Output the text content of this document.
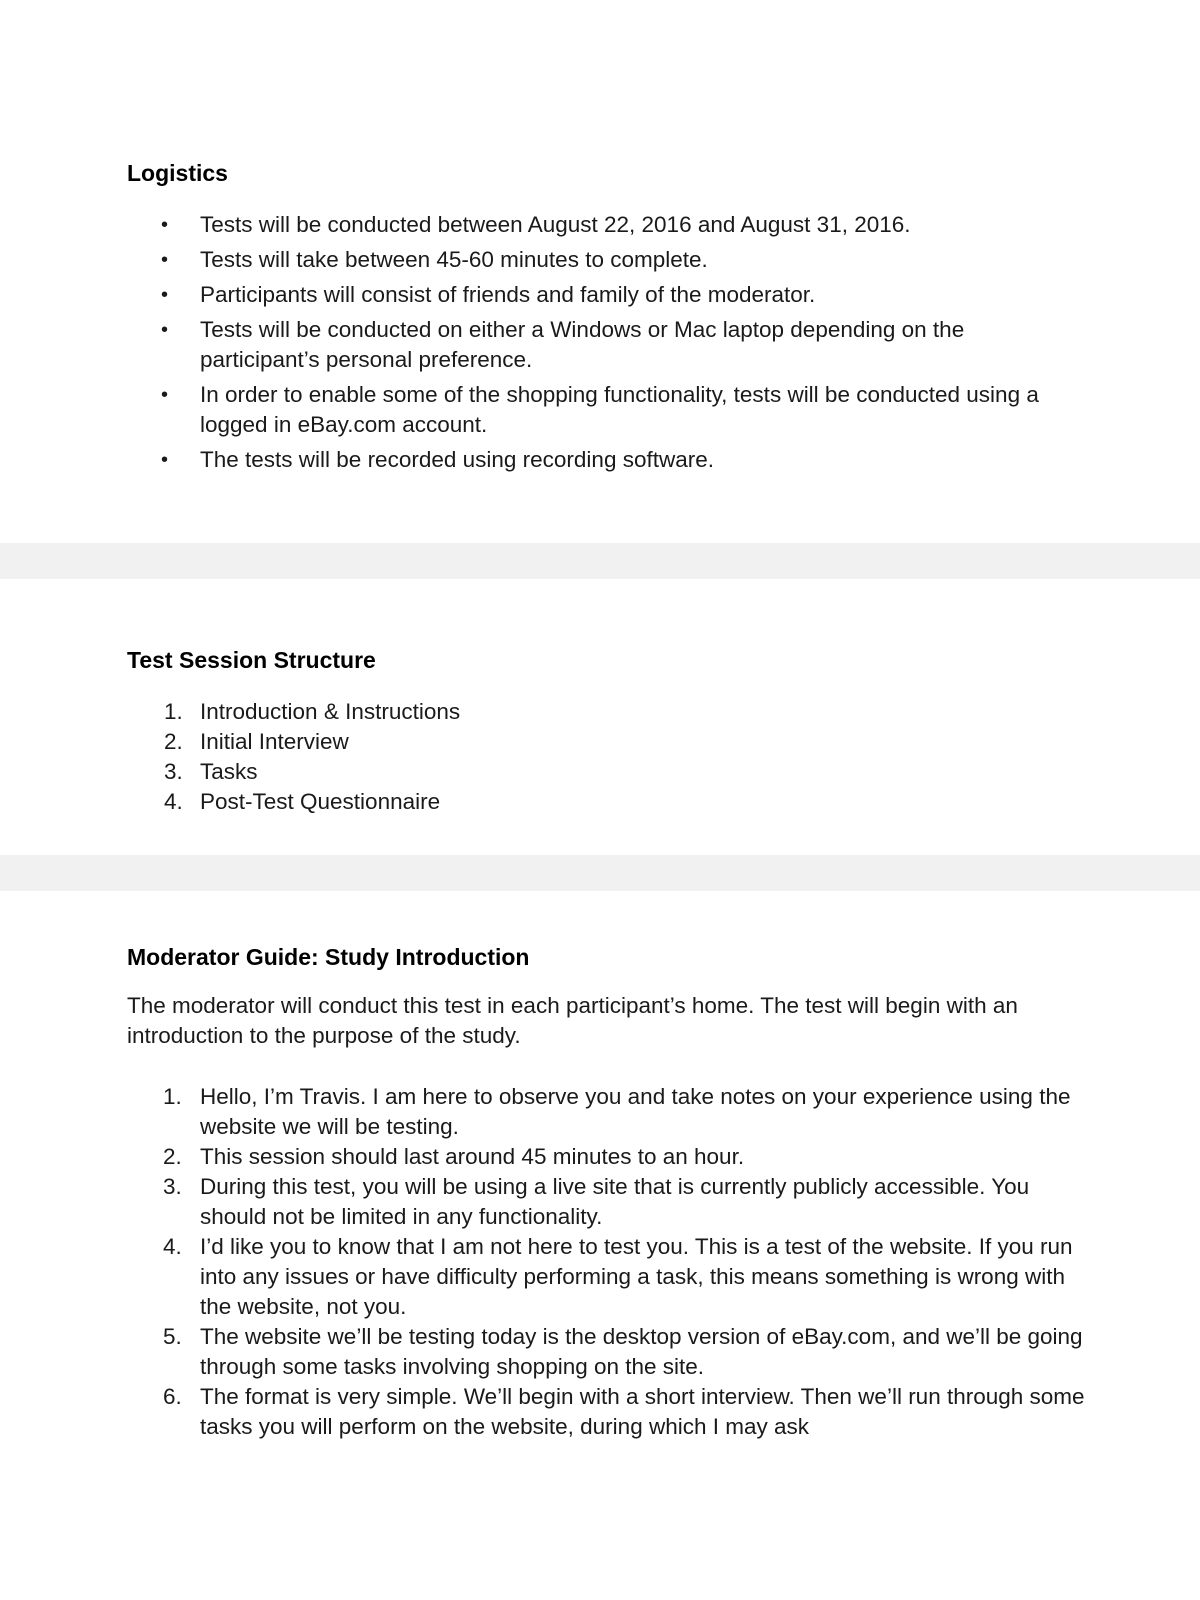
Logistics
• Tests will be conducted between August 22, 2016 and August 31, 2016.
• Tests will take between 45-60 minutes to complete.
• Participants will consist of friends and family of the moderator.
• Tests will be conducted on either a Windows or Mac laptop depending on the participant’s personal preference.
• In order to enable some of the shopping functionality, tests will be conducted using a logged in eBay.com account.
• The tests will be recorded using recording software.
Test Session Structure
1. Introduction & Instructions
2. Initial Interview
3. Tasks
4. Post-Test Questionnaire
Moderator Guide: Study Introduction

The moderator will conduct this test in each participant’s home. The test will begin with an introduction to the purpose of the study.

1. Hello, I’m Travis. I am here to observe you and take notes on your experience using the website we will be testing.
2. This session should last around 45 minutes to an hour.
3. During this test, you will be using a live site that is currently publicly accessible. You should not be limited in any functionality.
4. I’d like you to know that I am not here to test you. This is a test of the website. If you run into any issues or have difficulty performing a task, this means something is wrong with the website, not you.
5. The website we’ll be testing today is the desktop version of eBay.com, and we’ll be going through some tasks involving shopping on the site.
6. The format is very simple. We’ll begin with a short interview. Then we’ll run through some tasks you will perform on the website, during which I may ask
